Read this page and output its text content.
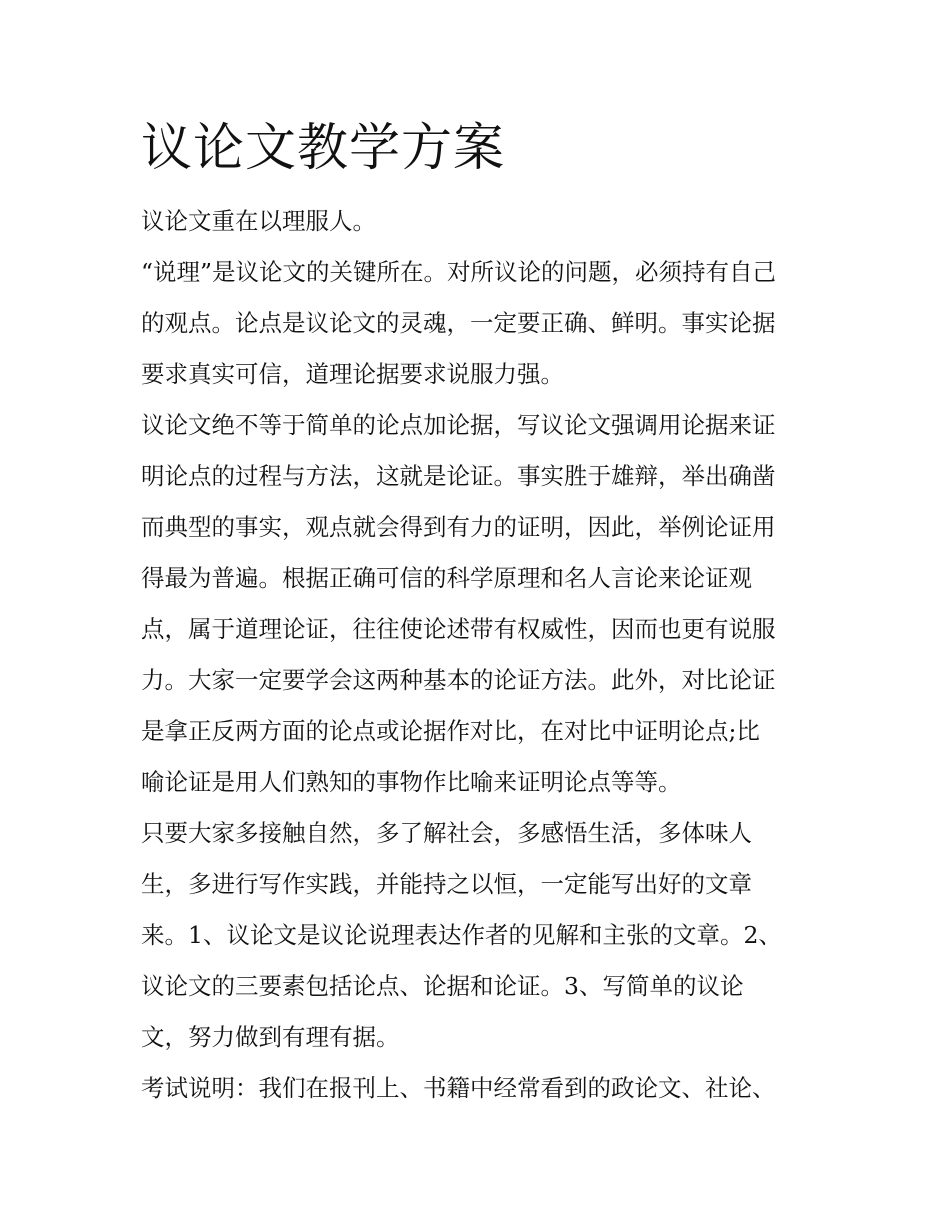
议论文教学方案

议论文重在以理服人。

“说理”是议论文的关键所在。对所议论的问题，必须持有自己
的观点。论点是议论文的灵魂，一定要正确、鲜明。事实论据
要求真实可信，道理论据要求说服力强。

议论文绝不等于简单的论点加论据，写议论文强调用论据来证
明论点的过程与方法，这就是论证。事实胜于雄辩，举出确凿
而典型的事实，观点就会得到有力的证明，因此，举例论证用
得最为普遍。根据正确可信的科学原理和名人言论来论证观
点，属于道理论证，往往使论述带有权威性，因而也更有说服
力。大家一定要学会这两种基本的论证方法。此外，对比论证
是拿正反两方面的论点或论据作对比，在对比中证明论点;比
喻论证是用人们熟知的事物作比喻来证明论点等等。

只要大家多接触自然，多了解社会，多感悟生活，多体味人
生，多进行写作实践，并能持之以恒，一定能写出好的文章
来。1、议论文是议论说理表达作者的见解和主张的文章。2、
议论文的三要素包括论点、论据和论证。3、写简单的议论
文，努力做到有理有据。

考试说明：我们在报刊上、书籍中经常看到的政论文、社论、
